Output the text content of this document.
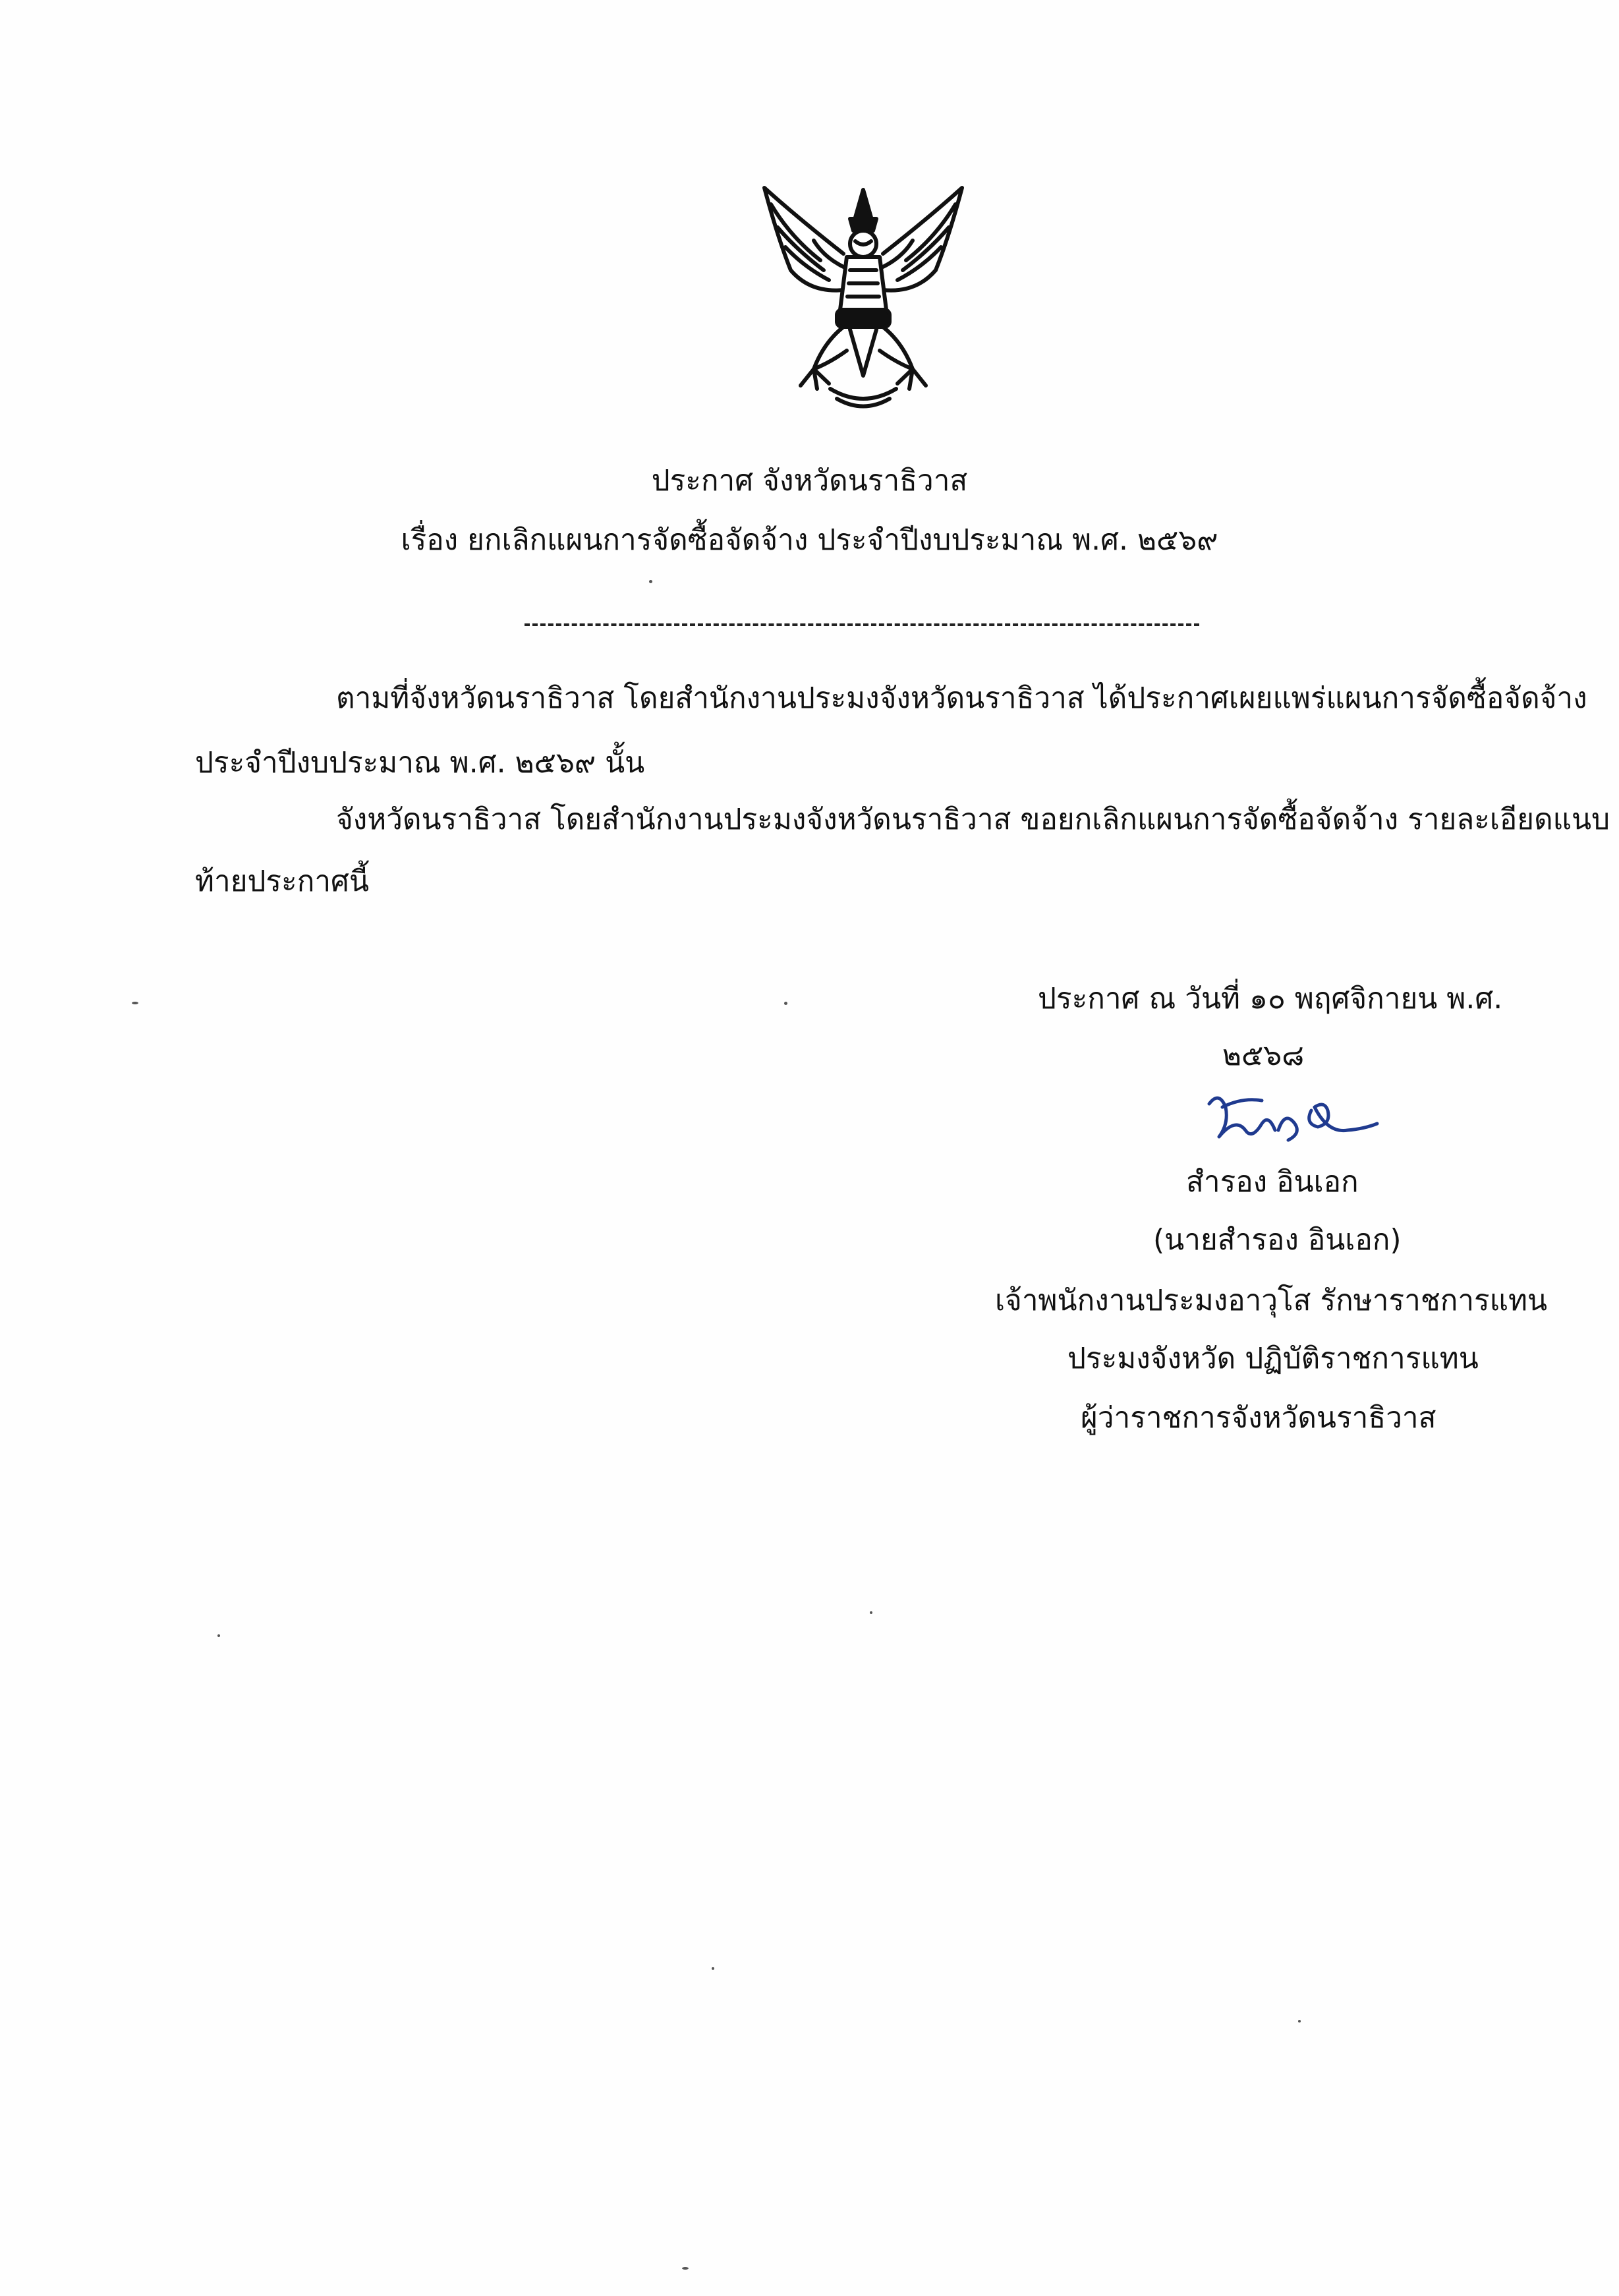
ประกาศ จังหวัดนราธิวาส
เรื่อง ยกเลิกแผนการจัดซื้อจัดจ้าง ประจำปีงบประมาณ พ.ศ. ๒๕๖๙
ตามที่จังหวัดนราธิวาส โดยสำนักงานประมงจังหวัดนราธิวาส ได้ประกาศเผยแพร่แผนการจัดซื้อจัดจ้าง
ประจำปีงบประมาณ พ.ศ. ๒๕๖๙ นั้น
จังหวัดนราธิวาส โดยสำนักงานประมงจังหวัดนราธิวาส ขอยกเลิกแผนการจัดซื้อจัดจ้าง รายละเอียดแนบ
ท้ายประกาศนี้
ประกาศ ณ วันที่ ๑๐ พฤศจิกายน พ.ศ.
๒๕๖๘
สำรอง อินเอก
(นายสำรอง อินเอก)
เจ้าพนักงานประมงอาวุโส รักษาราชการแทน
ประมงจังหวัด ปฏิบัติราชการแทน
ผู้ว่าราชการจังหวัดนราธิวาส
